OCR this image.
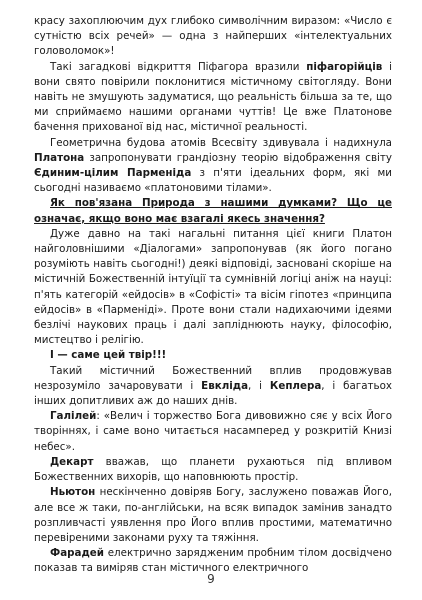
красу захоплюючим дух глибоко символічним виразом: «Число є сутністю всіх речей» — одна з найперших «інтелектуальних головоломок»!

Такі загадкові відкриття Піфагора вразили піфагорійців і вони свято повірили поклонитися містичному світогляду. Вони навіть не змушують задуматися, що реальність більша за те, що ми сприймаємо нашими органами чуттів! Це вже Платонове бачення прихованої від нас, містичної реальності.

Геометрична будова атомів Всесвіту здивувала і надихнула Платона запропонувати грандіозну теорію відображення світу Єдиним-цілим Парменіда з п'яти ідеальних форм, які ми сьогодні називаємо «платоновими тілами».

Як пов'язана Природа з нашими думками? Що це означає, якщо воно має взагалі якесь значення?

Дуже давно на такі нагальні питання цієї книги Платон найголовнішими «Діалогами» запропонував (як його погано розуміють навіть сьогодні!) деякі відповіді, засновані скоріше на містичній Божественній інтуїції та сумнівній логіці аніж на науці: п'ять категорій «ейдосів» в «Софісті» та вісім гіпотез «принципа ейдосів» в «Парменіді». Проте вони стали надихаючими ідеями безлічі наукових праць і далі запліднюють науку, філософію, мистецтво і релігію.

І — саме цей твір!!!

Такий містичний Божественний вплив продовжував незрозуміло зачаровувати і Евкліда, і Кеплера, і багатьох інших допитливих аж до наших днів.

Галілей: «Велич і торжество Бога дивовижно сяє у всіх Його творіннях, і саме воно читається насамперед у розкритій Книзі небес».

Декарт вважав, що планети рухаються під впливом Божественних вихорів, що наповнюють простір.

Ньютон нескінченно довіряв Богу, заслужено поважав Його, але все ж таки, по-англійськи, на всяк випадок замінив занадто розпливчасті уявлення про Його вплив простими, математично перевіреними законами руху та тяжіння.

Фарадей електрично зарядженим пробним тілом досвідчено показав та виміряв стан містичного електричного

9
